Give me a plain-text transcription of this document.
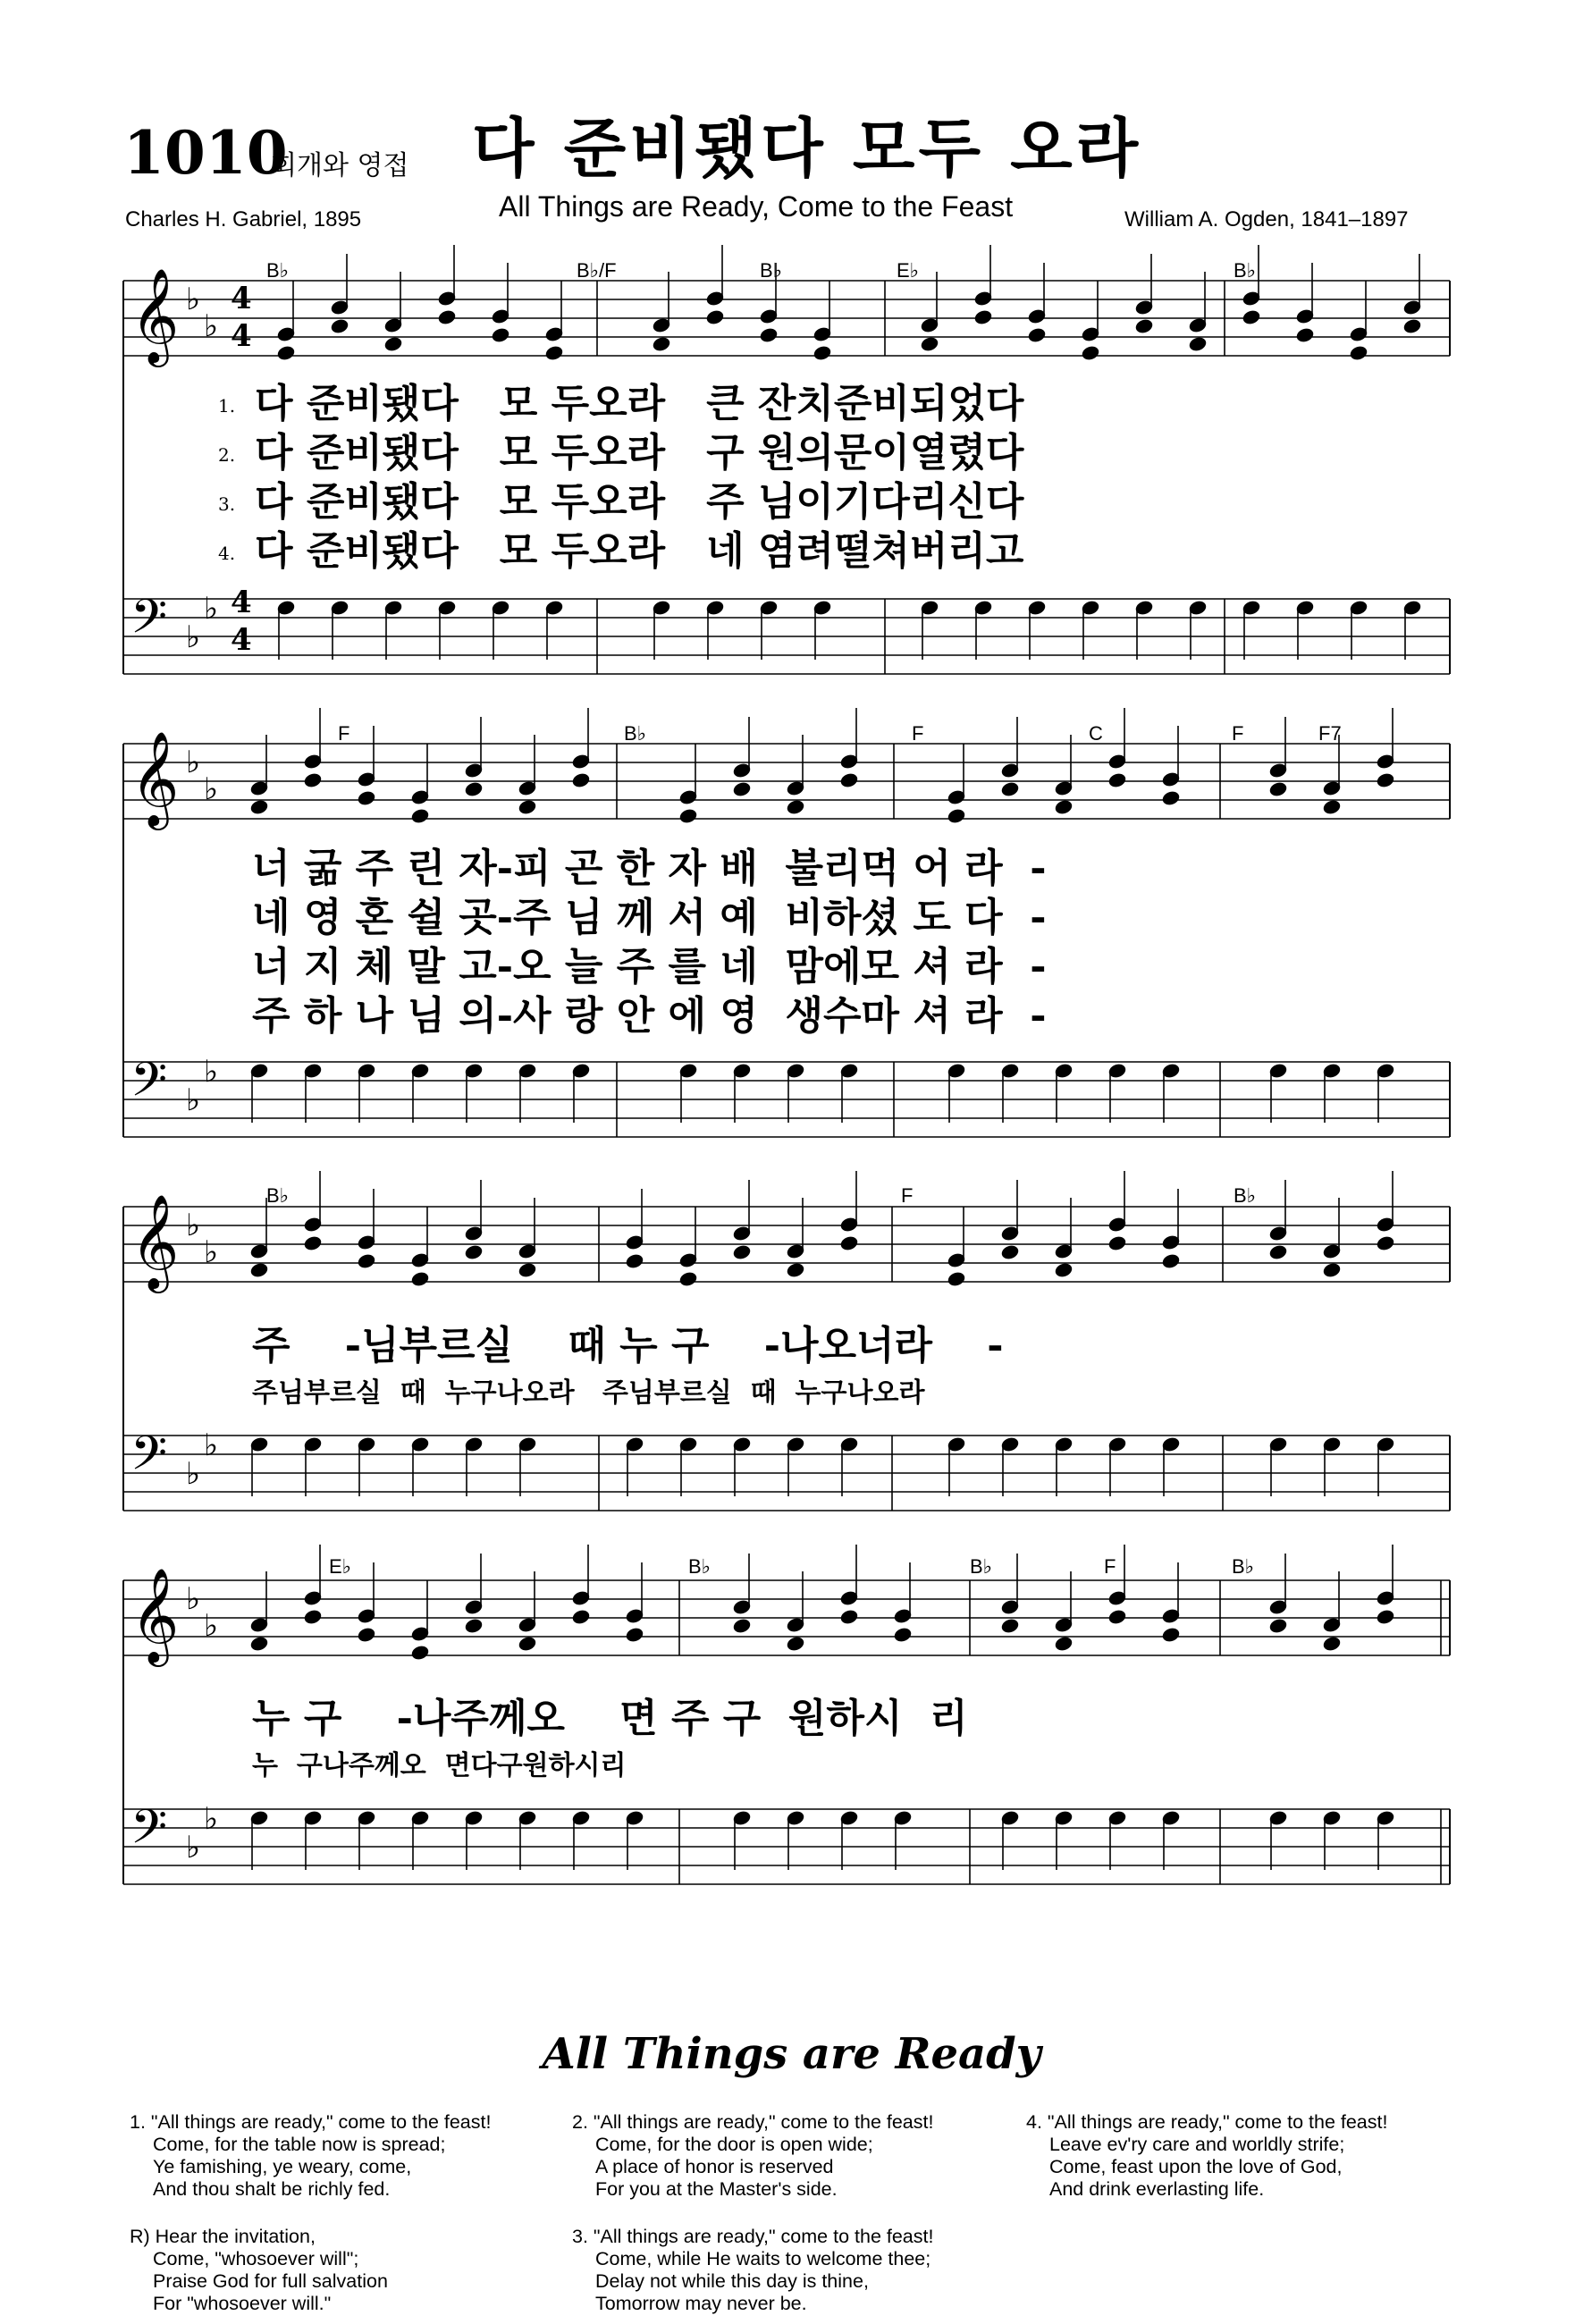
1010
회개와 영접 다 준비됐다 모두 오라
All Things are Ready, Come to the Feast
Charles H. Gabriel, 1895	William A. Ogden, 1841–1897
𝄞 ♭
♭
𝄢 ♭
♭
𝄞 ♭
♭
𝄢 ♭
♭
𝄞 ♭
♭
𝄢 ♭
♭
𝄞 ♭
♭
𝄢 ♭
♭
4
4
4
4
B♭	B♭/F	B♭	E♭	B♭
1. 다 준비됐다   모 두오라   큰 잔치준비되었다
2. 다 준비됐다   모 두오라   구 원의문이열렸다
3. 다 준비됐다   모 두오라   주 님이기다리신다
4. 다 준비됐다   모 두오라   네 염려떨쳐버리고
F	B♭	F	C	F	F7
너 굶 주 린 자-피 곤 한 자 배  불리먹 어 라  -
네 영 혼 쉴 곳-주 님 께 서 예  비하셨 도 다  -
너 지 체 말 고-오 늘 주 를 네  맘에모 셔 라  -
주 하 나 님 의-사 랑 안 에 영  생수마 셔 라  -
B♭	F	B♭
주    -님부르실    때 누 구    -나오너라    -
주님부르실  때  누구나오라   주님부르실  때  누구나오라
E♭	B♭	B♭	F	B♭
누 구    -나주께오    면 주 구  원하시  리
누  구나주께오  면다구원하시리
All Things are Ready
1. "All things are ready," come to the feast!
Come, for the table now is spread;
Ye famishing, ye weary, come,
And thou shalt be richly fed.
R) Hear the invitation,
Come, "whosoever will";
Praise God for full salvation
For "whosoever will."
2. "All things are ready," come to the feast!
Come, for the door is open wide;
A place of honor is reserved
For you at the Master's side.
3. "All things are ready," come to the feast!
Come, while He waits to welcome thee;
Delay not while this day is thine,
Tomorrow may never be.
4. "All things are ready," come to the feast!
Leave ev'ry care and worldly strife;
Come, feast upon the love of God,
And drink everlasting life.
